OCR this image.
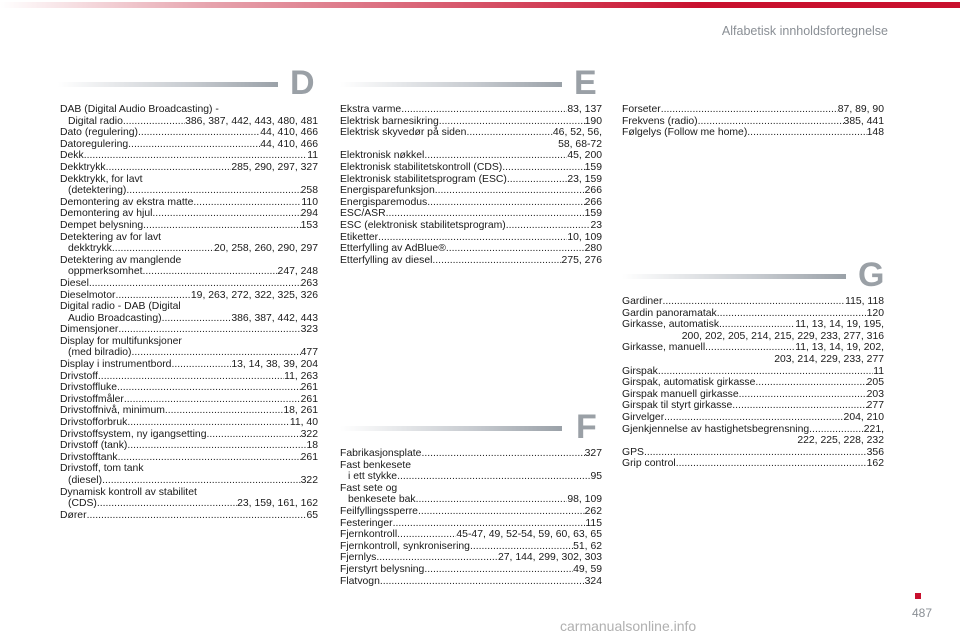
Alfabetisk innholdsfortegnelse
D	E
F
G
DAB (Digital Audio Broadcasting) -
Digital radio .....	386, 387, 442, 443, 480, 481
Dato (regulering) .....	44, 410, 466
Datoregulering .....	44, 410, 466
Dekk .....	11
Dekktrykk .....	285, 290, 297, 327
Dekktrykk, for lavt
(detektering) .....	258
Demontering av ekstra matte .....	110
Demontering av hjul .....	294
Dempet belysning .....	153
Detektering av for lavt
dekktrykk .....	20, 258, 260, 290, 297
Detektering av manglende
oppmerksomhet .....	247, 248
Diesel .....	263
Dieselmotor .....	19, 263, 272, 322, 325, 326
Digital radio - DAB (Digital
Audio Broadcasting) .....	386, 387, 442, 443
Dimensjoner .....	323
Display for multifunksjoner
(med bilradio) .....	477
Display i instrumentbord .....	13, 14, 38, 39, 204
Drivstoff .....	11, 263
Drivstoffluke .....	261
Drivstoffmåler .....	261
Drivstoffnivå, minimum .....	18, 261
Drivstofforbruk .....	11, 40
Drivstoffsystem, ny igangsetting .....	322
Drivstoff (tank) .....	18
Drivstofftank .....	261
Drivstoff, tom tank
(diesel) .....	322
Dynamisk kontroll av stabilitet
(CDS) .....	23, 159, 161, 162
Dører .....	65
Ekstra varme .....	83, 137
Elektrisk barnesikring .....	190
Elektrisk skyvedør på siden .....	46, 52, 56,
58, 68-72
Elektronisk nøkkel .....	45, 200
Elektronisk stabilitetskontroll (CDS) .....	159
Elektronisk stabilitetsprogram (ESC) .....	23, 159
Energisparefunksjon .....	266
Energisparemodus .....	266
ESC/ASR .....	159
ESC (elektronisk stabilitetsprogram) .....	23
Etiketter .....	10, 109
Etterfylling av AdBlue® .....	280
Etterfylling av diesel .....	275, 276
Fabrikasjonsplate .....	327
Fast benkesete
i ett stykke .....	95
Fast sete og
benkesete bak .....	98, 109
Feilfyllingssperre .....	262
Festeringer .....	115
Fjernkontroll .....	45-47, 49, 52-54, 59, 60, 63, 65
Fjernkontroll, synkronisering .....	51, 62
Fjernlys .....	27, 144, 299, 302, 303
Fjerstyrt belysning .....	49, 59
Flatvogn .....	324
Forseter .....	87, 89, 90
Frekvens (radio) .....	385, 441
Følgelys (Follow me home) .....	148
Gardiner .....	115, 118
Gardin panoramatak .....	120
Girkasse, automatisk .....	11, 13, 14, 19, 195,
200, 202, 205, 214, 215, 229, 233, 277, 316
Girkasse, manuell .....	11, 13, 14, 19, 202,
203, 214, 229, 233, 277
Girspak .....	11
Girspak, automatisk girkasse .....	205
Girspak manuell girkasse .....	203
Girspak til styrt girkasse .....	277
Girvelger .....	204, 210
Gjenkjennelse av hastighetsbegrensning .....	221,
222, 225, 228, 232
GPS .....	356
Grip control .....	162
487
carmanualsonline.info
